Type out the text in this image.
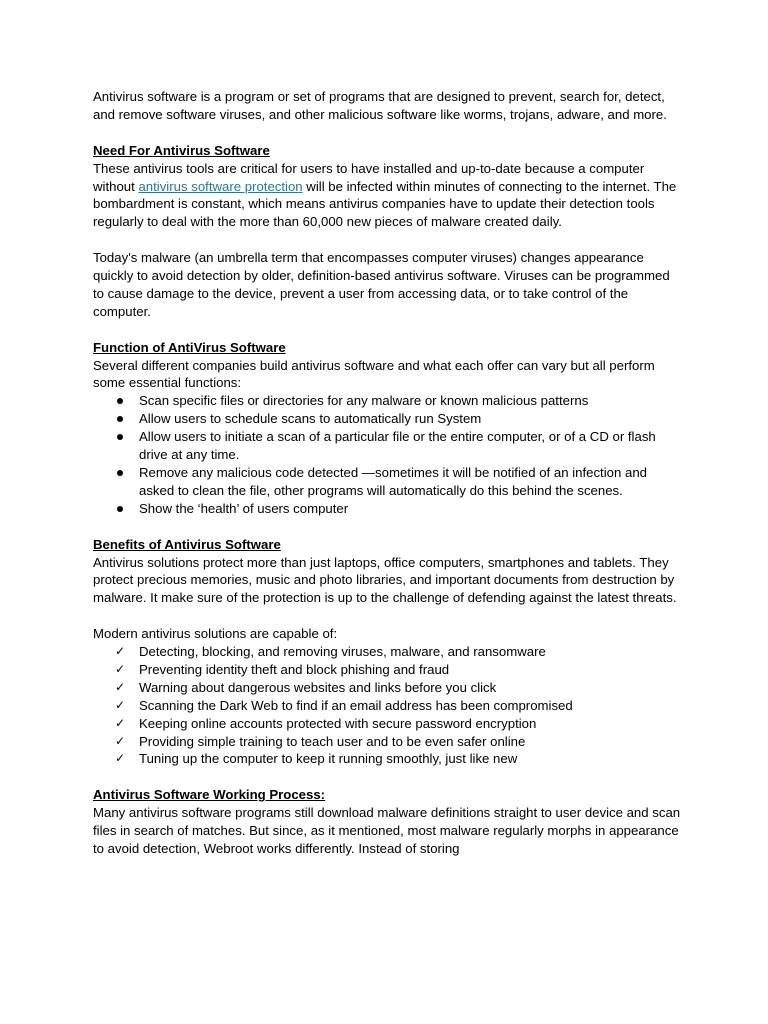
Antivirus software is a program or set of programs that are designed to prevent, search for, detect, and remove software viruses, and other malicious software like worms, trojans, adware, and more.

Need For Antivirus Software

These antivirus tools are critical for users to have installed and up-to-date because a computer without antivirus software protection will be infected within minutes of connecting to the internet. The bombardment is constant, which means antivirus companies have to update their detection tools regularly to deal with the more than 60,000 new pieces of malware created daily.

Today's malware (an umbrella term that encompasses computer viruses) changes appearance quickly to avoid detection by older, definition-based antivirus software. Viruses can be programmed to cause damage to the device, prevent a user from accessing data, or to take control of the computer.

Function of AntiVirus Software

Several different companies build antivirus software and what each offer can vary but all perform some essential functions:

Scan specific files or directories for any malware or known malicious patterns
Allow users to schedule scans to automatically run System
Allow users to initiate a scan of a particular file or the entire computer, or of a CD or flash drive at any time.
Remove any malicious code detected —sometimes it will be notified of an infection and asked to clean the file, other programs will automatically do this behind the scenes.
Show the ‘health’ of users computer

Benefits of Antivirus Software

Antivirus solutions protect more than just laptops, office computers, smartphones and tablets. They protect precious memories, music and photo libraries, and important documents from destruction by malware. It make sure of the protection is up to the challenge of defending against the latest threats.

Modern antivirus solutions are capable of:

✓ Detecting, blocking, and removing viruses, malware, and ransomware
✓ Preventing identity theft and block phishing and fraud
✓ Warning about dangerous websites and links before you click
✓ Scanning the Dark Web to find if an email address has been compromised
✓ Keeping online accounts protected with secure password encryption
✓ Providing simple training to teach user and to be even safer online
✓ Tuning up the computer to keep it running smoothly, just like new

Antivirus Software Working Process:

Many antivirus software programs still download malware definitions straight to user device and scan files in search of matches. But since, as it mentioned, most malware regularly morphs in appearance to avoid detection, Webroot works differently. Instead of storing
